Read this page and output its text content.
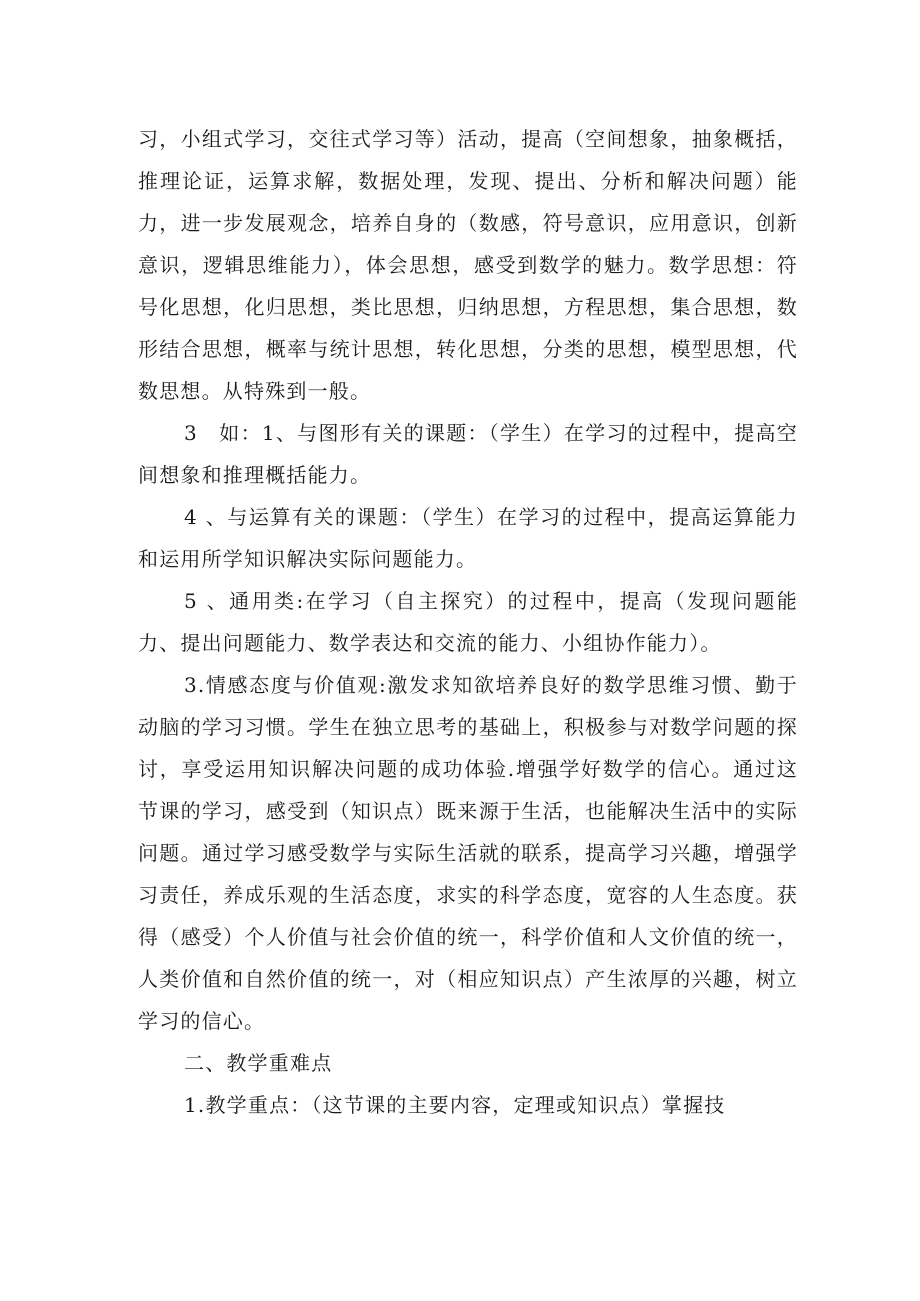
习，小组式学习，交往式学习等）活动，提高（空间想象，抽象概括，推理论证，运算求解，数据处理，发现、提出、分析和解决问题）能力，进一步发展观念，培养自身的（数感，符号意识，应用意识，创新意识，逻辑思维能力），体会思想，感受到数学的魅力。数学思想：符号化思想，化归思想，类比思想，归纳思想，方程思想，集合思想，数形结合思想，概率与统计思想，转化思想，分类的思想，模型思想，代数思想。从特殊到一般。

3　如：1、与图形有关的课题：（学生）在学习的过程中，提高空间想象和推理概括能力。

4 、与运算有关的课题：（学生）在学习的过程中，提高运算能力和运用所学知识解决实际问题能力。

5 、通用类:在学习（自主探究）的过程中，提高（发现问题能力、提出问题能力、数学表达和交流的能力、小组协作能力）。

3.情感态度与价值观:激发求知欲培养良好的数学思维习惯、勤于动脑的学习习惯。学生在独立思考的基础上，积极参与对数学问题的探讨，享受运用知识解决问题的成功体验.增强学好数学的信心。通过这节课的学习，感受到（知识点）既来源于生活，也能解决生活中的实际问题。通过学习感受数学与实际生活就的联系，提高学习兴趣，增强学习责任，养成乐观的生活态度，求实的科学态度，宽容的人生态度。获得（感受）个人价值与社会价值的统一，科学价值和人文价值的统一，人类价值和自然价值的统一，对（相应知识点）产生浓厚的兴趣，树立学习的信心。

二、教学重难点

1.教学重点：（这节课的主要内容，定理或知识点）掌握技
